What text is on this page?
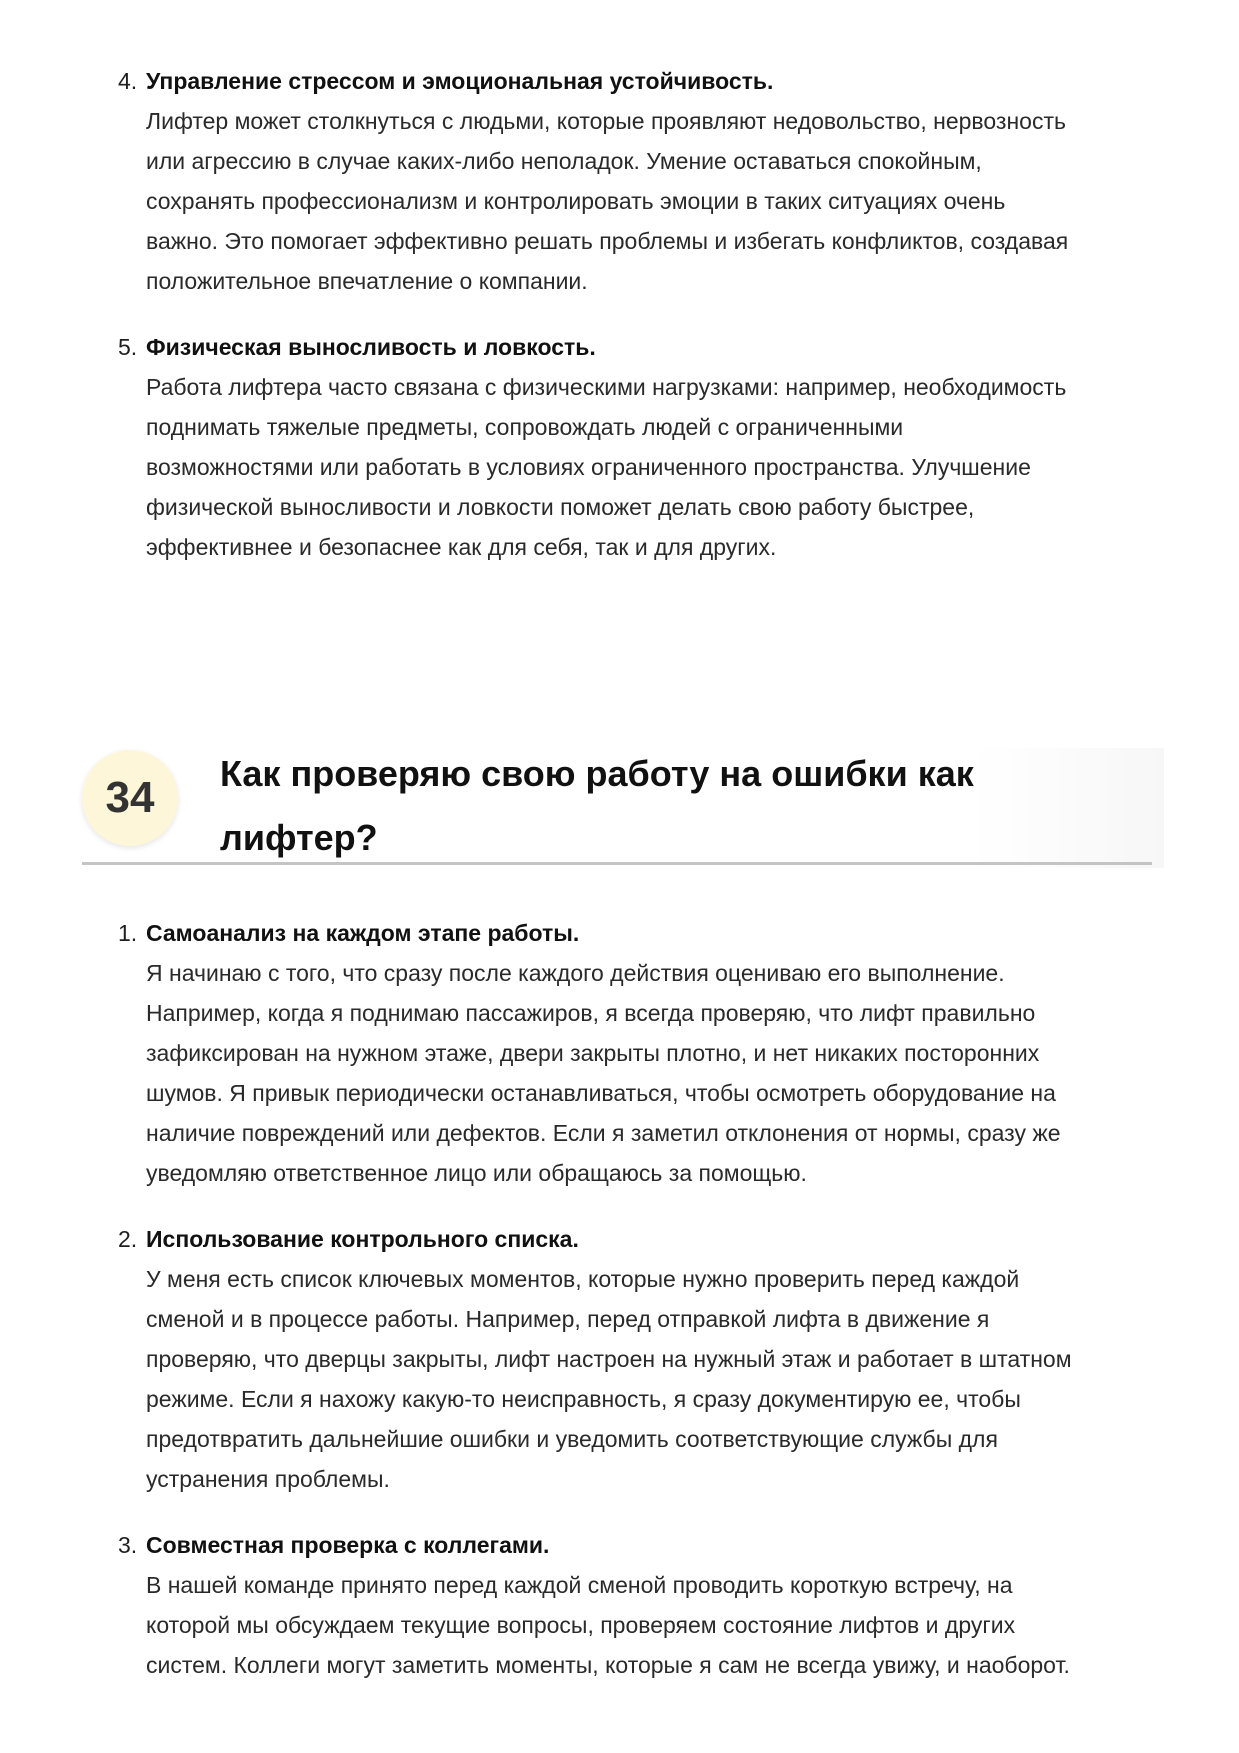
4. Управление стрессом и эмоциональная устойчивость.
Лифтер может столкнуться с людьми, которые проявляют недовольство, нервозность
или агрессию в случае каких-либо неполадок. Умение оставаться спокойным,
сохранять профессионализм и контролировать эмоции в таких ситуациях очень
важно. Это помогает эффективно решать проблемы и избегать конфликтов, создавая
положительное впечатление о компании.
5. Физическая выносливость и ловкость.
Работа лифтера часто связана с физическими нагрузками: например, необходимость
поднимать тяжелые предметы, сопровождать людей с ограниченными
возможностями или работать в условиях ограниченного пространства. Улучшение
физической выносливости и ловкости поможет делать свою работу быстрее,
эффективнее и безопаснее как для себя, так и для других.
34	Как проверяю свою работу на ошибки как
лифтер?
1. Самоанализ на каждом этапе работы.
Я начинаю с того, что сразу после каждого действия оцениваю его выполнение.
Например, когда я поднимаю пассажиров, я всегда проверяю, что лифт правильно
зафиксирован на нужном этаже, двери закрыты плотно, и нет никаких посторонних
шумов. Я привык периодически останавливаться, чтобы осмотреть оборудование на
наличие повреждений или дефектов. Если я заметил отклонения от нормы, сразу же
уведомляю ответственное лицо или обращаюсь за помощью.
2. Использование контрольного списка.
У меня есть список ключевых моментов, которые нужно проверить перед каждой
сменой и в процессе работы. Например, перед отправкой лифта в движение я
проверяю, что дверцы закрыты, лифт настроен на нужный этаж и работает в штатном
режиме. Если я нахожу какую-то неисправность, я сразу документирую ее, чтобы
предотвратить дальнейшие ошибки и уведомить соответствующие службы для
устранения проблемы.
3. Совместная проверка с коллегами.
В нашей команде принято перед каждой сменой проводить короткую встречу, на
которой мы обсуждаем текущие вопросы, проверяем состояние лифтов и других
систем. Коллеги могут заметить моменты, которые я сам не всегда увижу, и наоборот.
